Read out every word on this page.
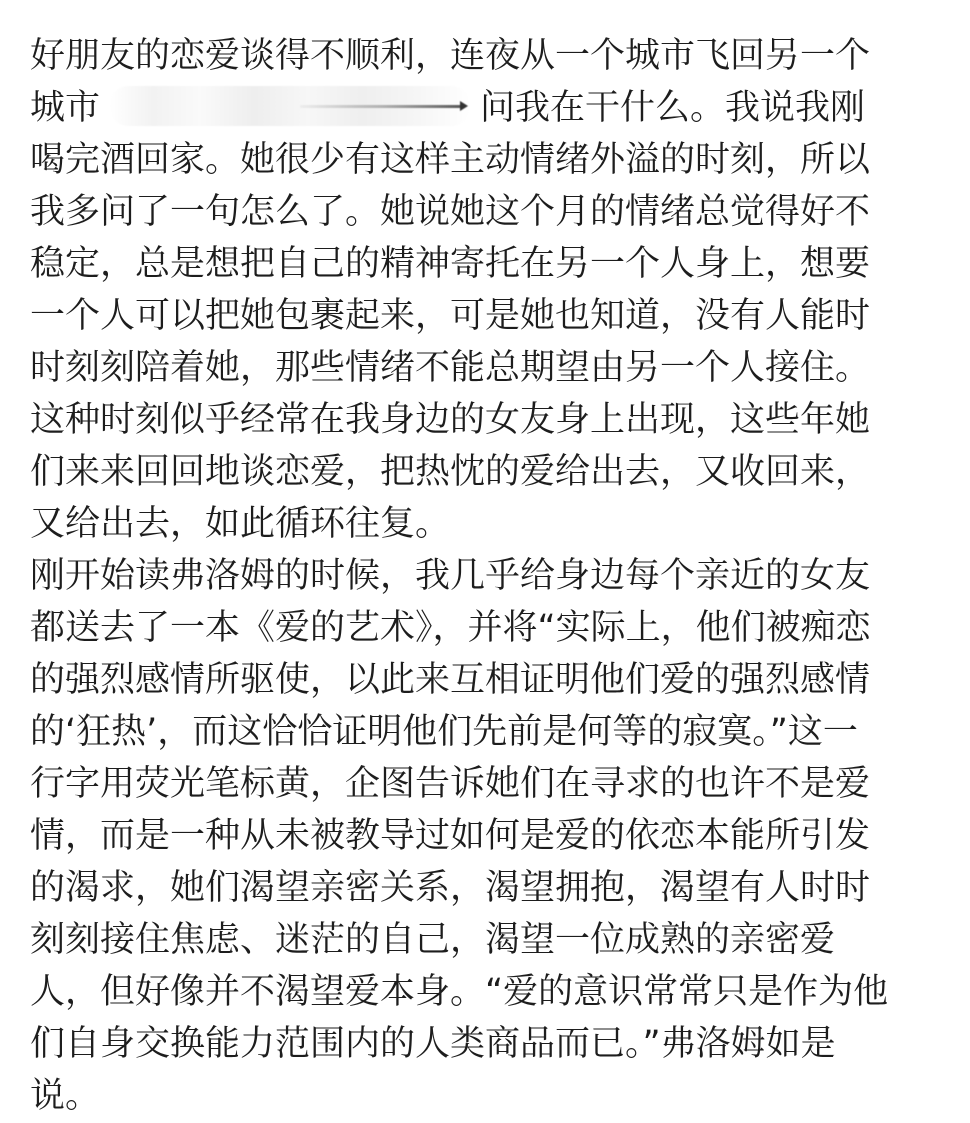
好朋友的恋爱谈得不顺利，连夜从一个城市飞回另一个
城市	问我在干什么。我说我刚
喝完酒回家。她很少有这样主动情绪外溢的时刻，所以
我多问了一句怎么了。她说她这个月的情绪总觉得好不
稳定，总是想把自己的精神寄托在另一个人身上，想要
一个人可以把她包裹起来，可是她也知道，没有人能时
时刻刻陪着她，那些情绪不能总期望由另一个人接住。
这种时刻似乎经常在我身边的女友身上出现，这些年她
们来来回回地谈恋爱，把热忱的爱给出去，又收回来，
又给出去，如此循环往复。
刚开始读弗洛姆的时候，我几乎给身边每个亲近的女友
都送去了一本《爱的艺术》，并将“实际上，他们被痴恋
的强烈感情所驱使，以此来互相证明他们爱的强烈感情
的‘狂热’，而这恰恰证明他们先前是何等的寂寞。”这一
行字用荧光笔标黄，企图告诉她们在寻求的也许不是爱
情，而是一种从未被教导过如何是爱的依恋本能所引发
的渴求，她们渴望亲密关系，渴望拥抱，渴望有人时时
刻刻接住焦虑、迷茫的自己，渴望一位成熟的亲密爱
人，但好像并不渴望爱本身。“爱的意识常常只是作为他
们自身交换能力范围内的人类商品而已。”弗洛姆如是
说。
